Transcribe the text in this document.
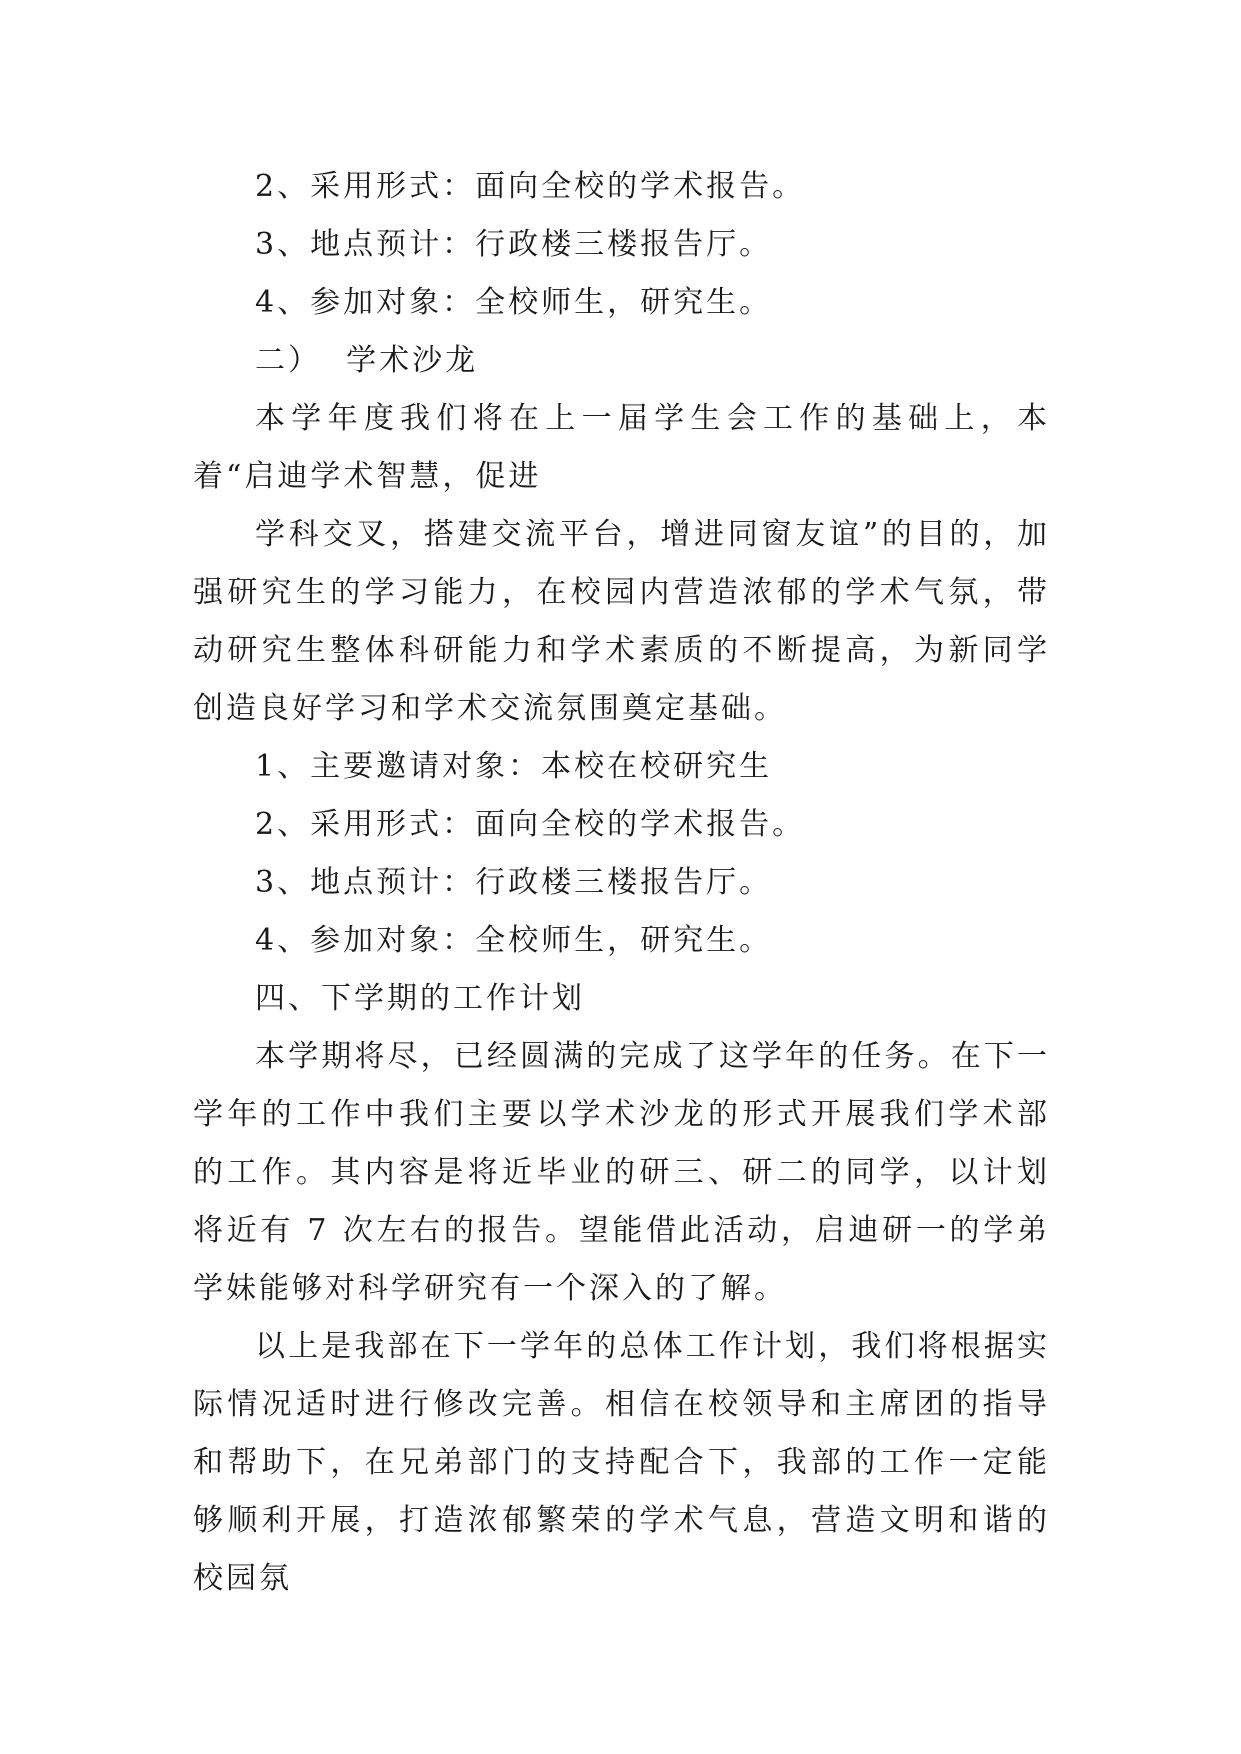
2、采用形式：面向全校的学术报告。

3、地点预计：行政楼三楼报告厅。

4、参加对象：全校师生，研究生。

二）  学术沙龙

本学年度我们将在上一届学生会工作的基础上，本着“启迪学术智慧，促进

学科交叉，搭建交流平台，增进同窗友谊”的目的，加强研究生的学习能力，在校园内营造浓郁的学术气氛，带动研究生整体科研能力和学术素质的不断提高，为新同学创造良好学习和学术交流氛围奠定基础。

1、主要邀请对象：本校在校研究生

2、采用形式：面向全校的学术报告。

3、地点预计：行政楼三楼报告厅。

4、参加对象：全校师生，研究生。

四、下学期的工作计划

本学期将尽，已经圆满的完成了这学年的任务。在下一学年的工作中我们主要以学术沙龙的形式开展我们学术部的工作。其内容是将近毕业的研三、研二的同学，以计划将近有 7 次左右的报告。望能借此活动，启迪研一的学弟学妹能够对科学研究有一个深入的了解。

以上是我部在下一学年的总体工作计划，我们将根据实际情况适时进行修改完善。相信在校领导和主席团的指导和帮助下，在兄弟部门的支持配合下，我部的工作一定能够顺利开展，打造浓郁繁荣的学术气息，营造文明和谐的校园氛
